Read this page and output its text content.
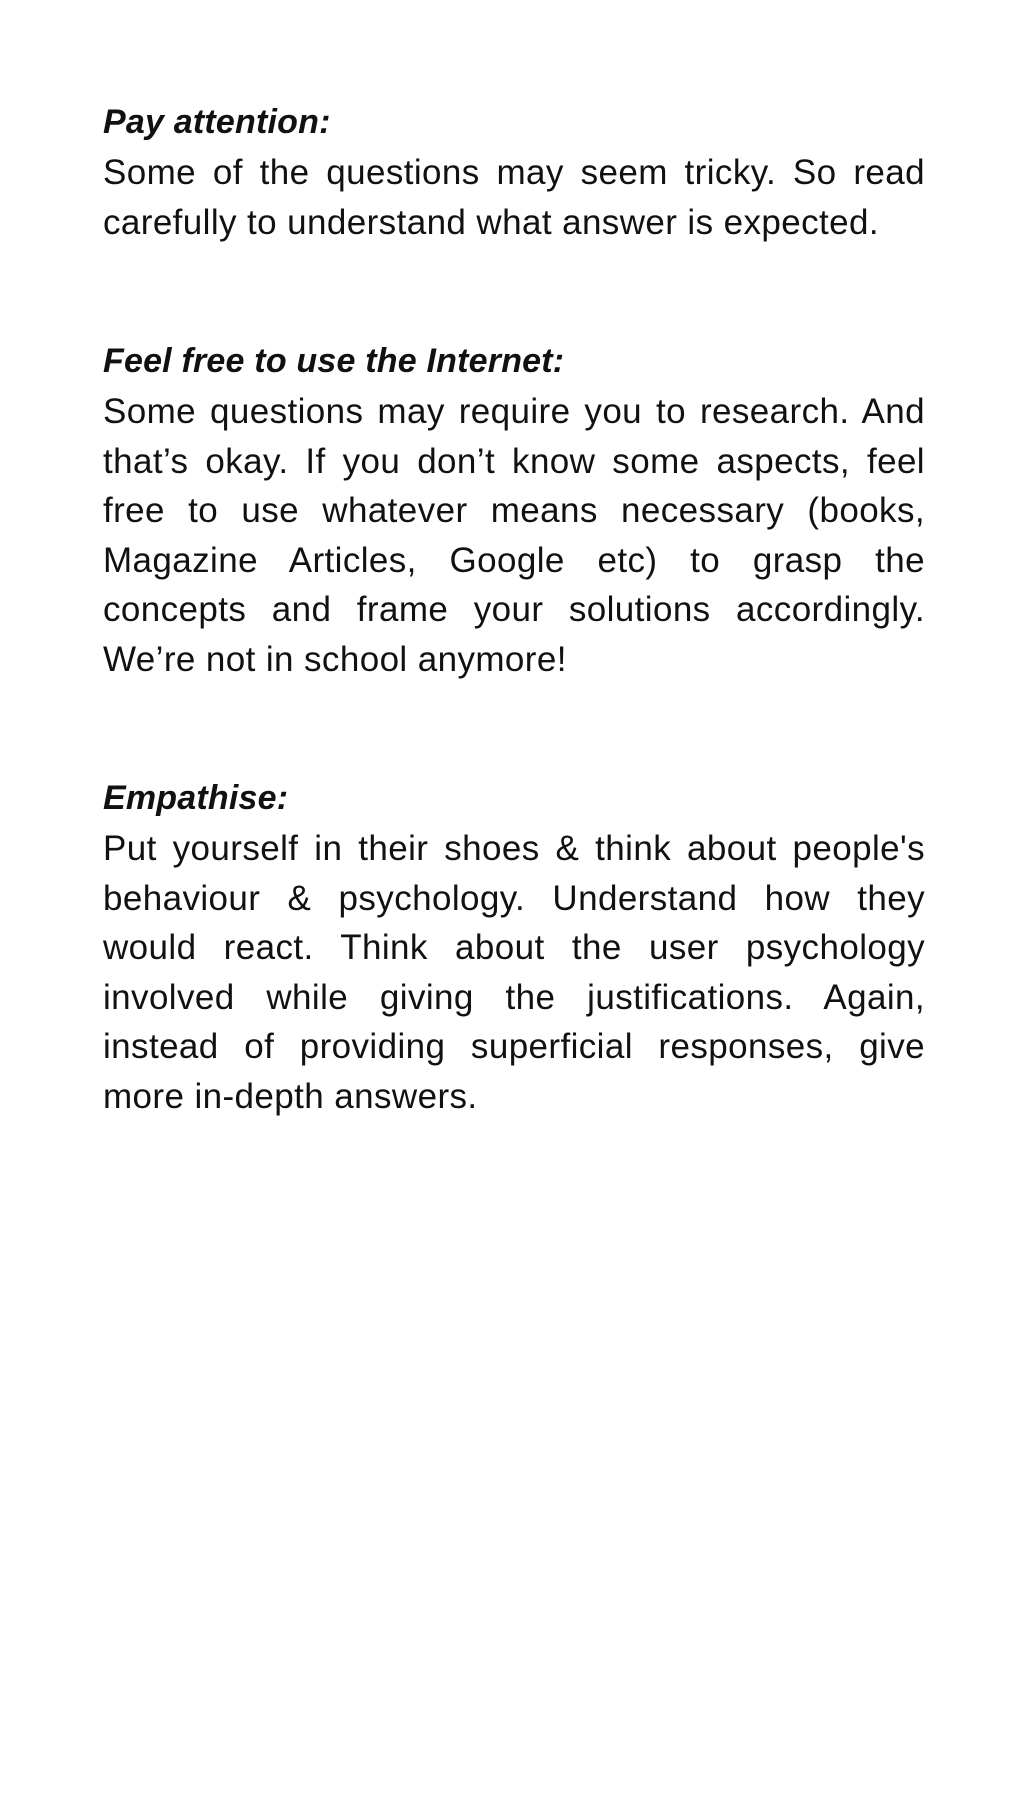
Pay attention:

Some of the questions may seem tricky. So read carefully to understand what answer is expected.

Feel free to use the Internet:

Some questions may require you to research. And that’s okay. If you don’t know some aspects, feel free to use whatever means necessary (books, Magazine Articles, Google etc) to grasp the concepts and frame your solutions accordingly. We’re not in school anymore!

Empathise:

Put yourself in their shoes & think about people's behaviour & psychology. Understand how they would react. Think about the user psychology involved while giving the justifications. Again, instead of providing superficial responses, give more in-depth answers.
